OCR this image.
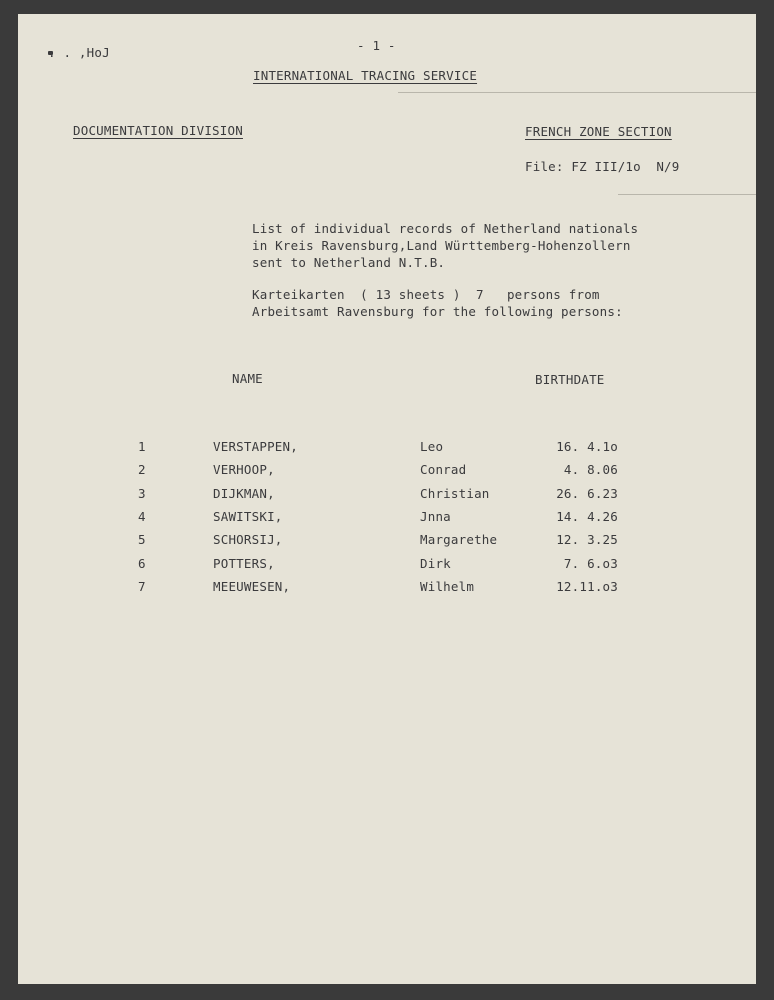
. . ,HoJ	- 1 -
INTERNATIONAL TRACING SERVICE
DOCUMENTATION DIVISION	FRENCH ZONE SECTION
File: FZ III/1o  N/9
List of individual records of Netherland nationals
in Kreis Ravensburg,Land Württemberg-Hohenzollern
sent to Netherland N.T.B.
Karteikarten  ( 13 sheets )  7   persons from
Arbeitsamt Ravensburg for the following persons:
NAME	BIRTHDATE
1	VERSTAPPEN,	Leo	16. 4.1o
2	VERHOOP,	Conrad	4. 8.06
3	DIJKMAN,	Christian	26. 6.23
4	SAWITSKI,	Jnna	14. 4.26
5	SCHORSIJ,	Margarethe	12. 3.25
6	POTTERS,	Dirk	7. 6.o3
7	MEEUWESEN,	Wilhelm	12.11.o3
